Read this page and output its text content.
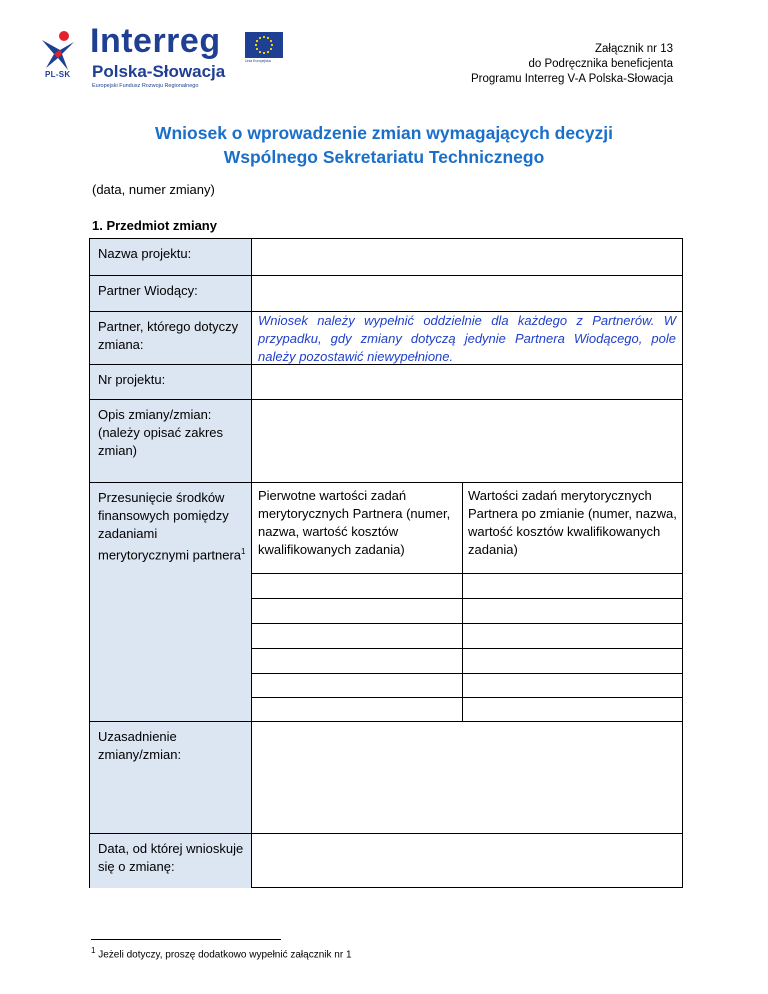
PL-SK
Interreg
Polska-Słowacja
Europejski Fundusz Rozwoju Regionalnego
Unia Europejska
Załącznik nr 13
do Podręcznika beneficjenta
Programu Interreg V-A Polska-Słowacja
Wniosek o wprowadzenie zmian wymagających decyzji
Wspólnego Sekretariatu Technicznego
(data, numer zmiany)
1. Przedmiot zmiany
Nazwa projektu:
Partner Wiodący:
Partner, którego dotyczy zmiana:
Nr projektu:
Opis zmiany/zmian: (należy opisać zakres zmian)
Przesunięcie środków finansowych pomiędzy zadaniami merytorycznymi partnera$^1$
Uzasadnienie zmiany/zmian:
Data, od której wnioskuje się o zmianę:
Wniosek należy wypełnić oddzielnie dla każdego z Partnerów. W przypadku, gdy zmiany dotyczą jedynie Partnera Wiodącego, pole należy pozostawić niewypełnione.
Pierwotne wartości zadań merytorycznych Partnera (numer, nazwa, wartość kosztów kwalifikowanych zadania)
Wartości zadań merytorycznych Partnera po zmianie (numer, nazwa, wartość kosztów kwalifikowanych zadania)
$^1$ Jeżeli dotyczy, proszę dodatkowo wypełnić załącznik nr 1
